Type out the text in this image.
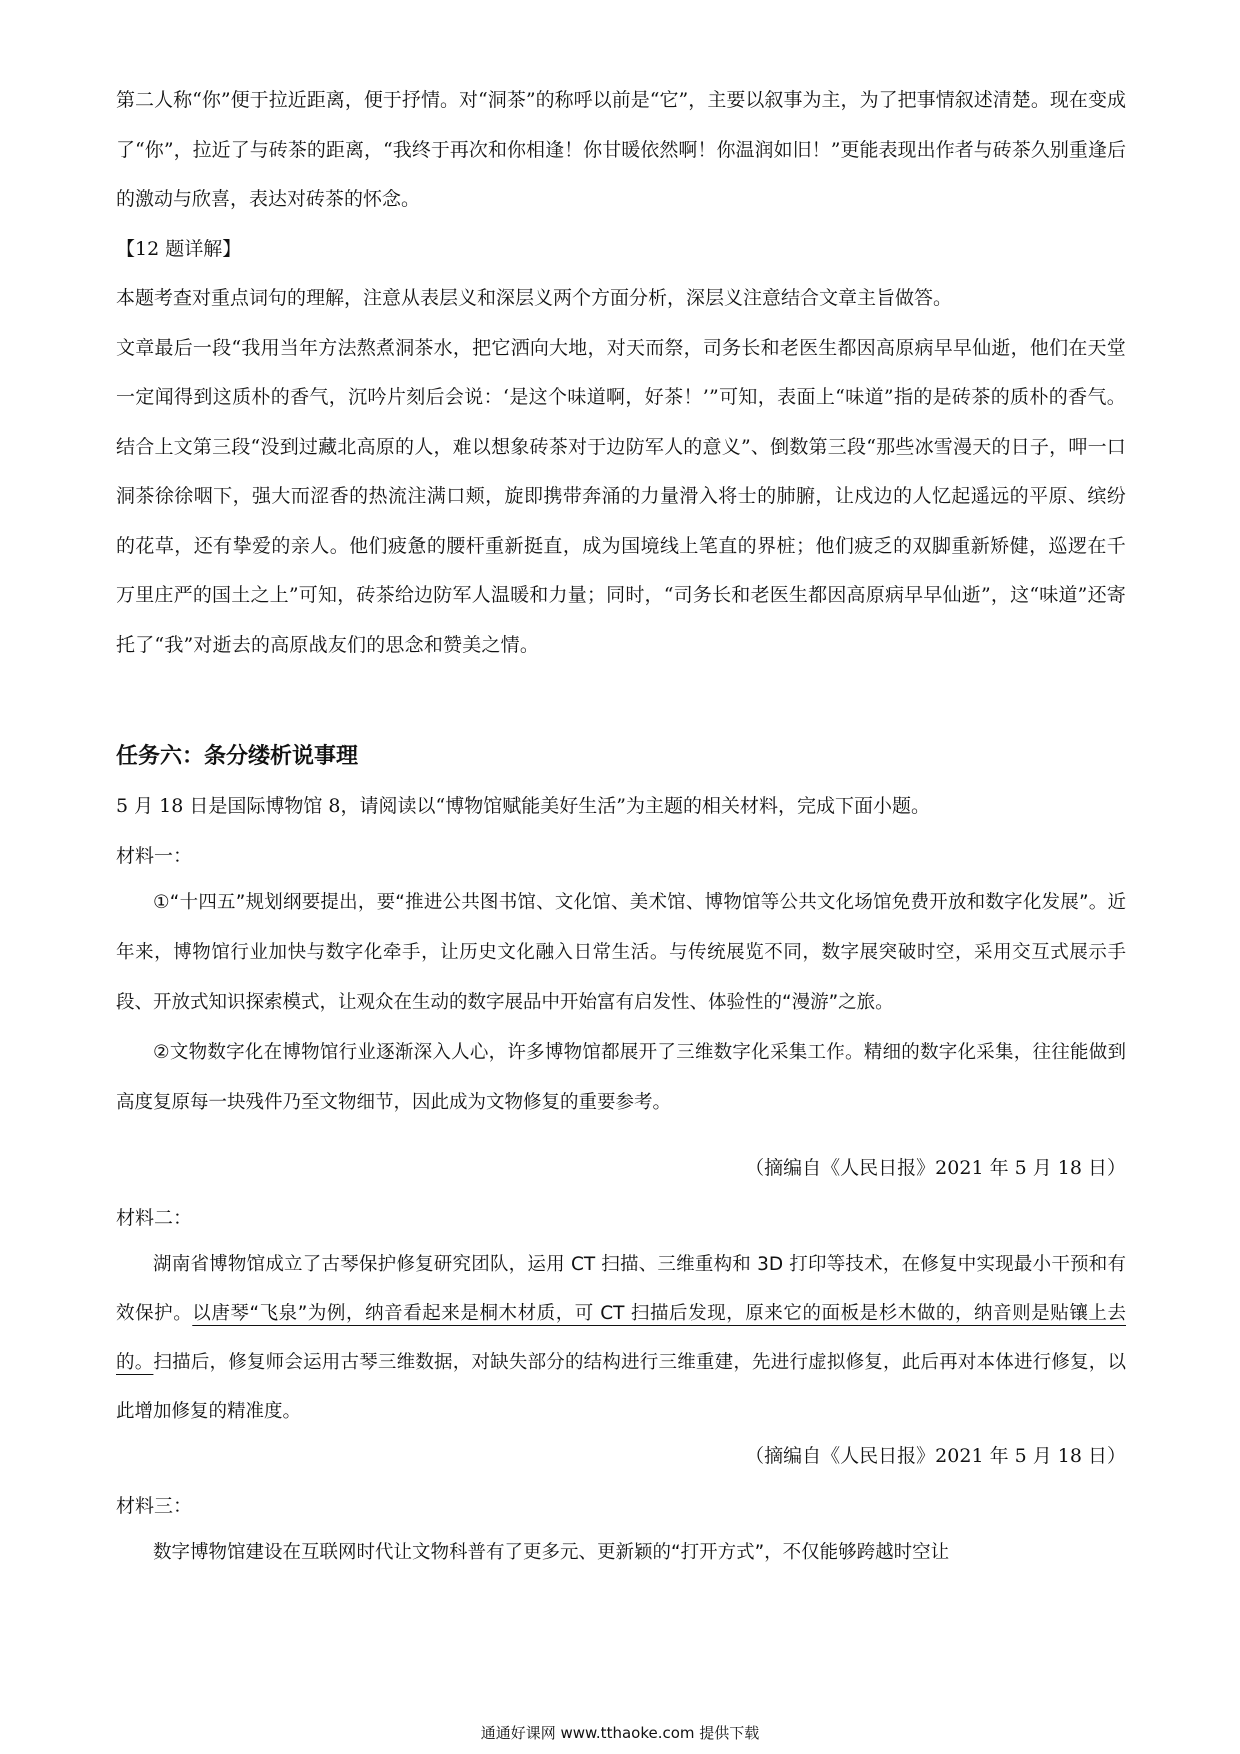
第二人称“你”便于拉近距离，便于抒情。对“洞茶”的称呼以前是“它”，主要以叙事为主，为了把事情叙述清楚。现在变成了“你”，拉近了与砖茶的距离，“我终于再次和你相逢！你甘暖依然啊！你温润如旧！”更能表现出作者与砖茶久别重逢后的激动与欣喜，表达对砖茶的怀念。

【12 题详解】

本题考查对重点词句的理解，注意从表层义和深层义两个方面分析，深层义注意结合文章主旨做答。

文章最后一段“我用当年方法熬煮洞茶水，把它洒向大地，对天而祭，司务长和老医生都因高原病早早仙逝，他们在天堂一定闻得到这质朴的香气，沉吟片刻后会说：‘是这个味道啊，好茶！’”可知，表面上“味道”指的是砖茶的质朴的香气。结合上文第三段“没到过藏北高原的人，难以想象砖茶对于边防军人的意义”、倒数第三段“那些冰雪漫天的日子，呷一口洞茶徐徐咽下，强大而涩香的热流注满口颊，旋即携带奔涌的力量滑入将士的肺腑，让戍边的人忆起遥远的平原、缤纷的花草，还有挚爱的亲人。他们疲惫的腰杆重新挺直，成为国境线上笔直的界桩；他们疲乏的双脚重新矫健，巡逻在千万里庄严的国土之上”可知，砖茶给边防军人温暖和力量；同时，“司务长和老医生都因高原病早早仙逝”，这“味道”还寄托了“我”对逝去的高原战友们的思念和赞美之情。

任务六：条分缕析说事理

5 月 18 日是国际博物馆 8，请阅读以“博物馆赋能美好生活”为主题的相关材料，完成下面小题。

材料一：

①“十四五”规划纲要提出，要“推进公共图书馆、文化馆、美术馆、博物馆等公共文化场馆免费开放和数字化发展”。近年来，博物馆行业加快与数字化牵手，让历史文化融入日常生活。与传统展览不同，数字展突破时空，采用交互式展示手段、开放式知识探索模式，让观众在生动的数字展品中开始富有启发性、体验性的“漫游”之旅。

②文物数字化在博物馆行业逐渐深入人心，许多博物馆都展开了三维数字化采集工作。精细的数字化采集，往往能做到高度复原每一块残件乃至文物细节，因此成为文物修复的重要参考。

（摘编自《人民日报》2021 年 5 月 18 日）

材料二：

湖南省博物馆成立了古琴保护修复研究团队，运用 CT 扫描、三维重构和 3D 打印等技术，在修复中实现最小干预和有效保护。以唐琴“飞泉”为例，纳音看起来是桐木材质，可 CT 扫描后发现，原来它的面板是杉木做的，纳音则是贴镶上去的。扫描后，修复师会运用古琴三维数据，对缺失部分的结构进行三维重建，先进行虚拟修复，此后再对本体进行修复，以此增加修复的精准度。

（摘编自《人民日报》2021 年 5 月 18 日）

材料三：

数字博物馆建设在互联网时代让文物科普有了更多元、更新颖的“打开方式”，不仅能够跨越时空让

通通好课网 www.tthaoke.com 提供下载
